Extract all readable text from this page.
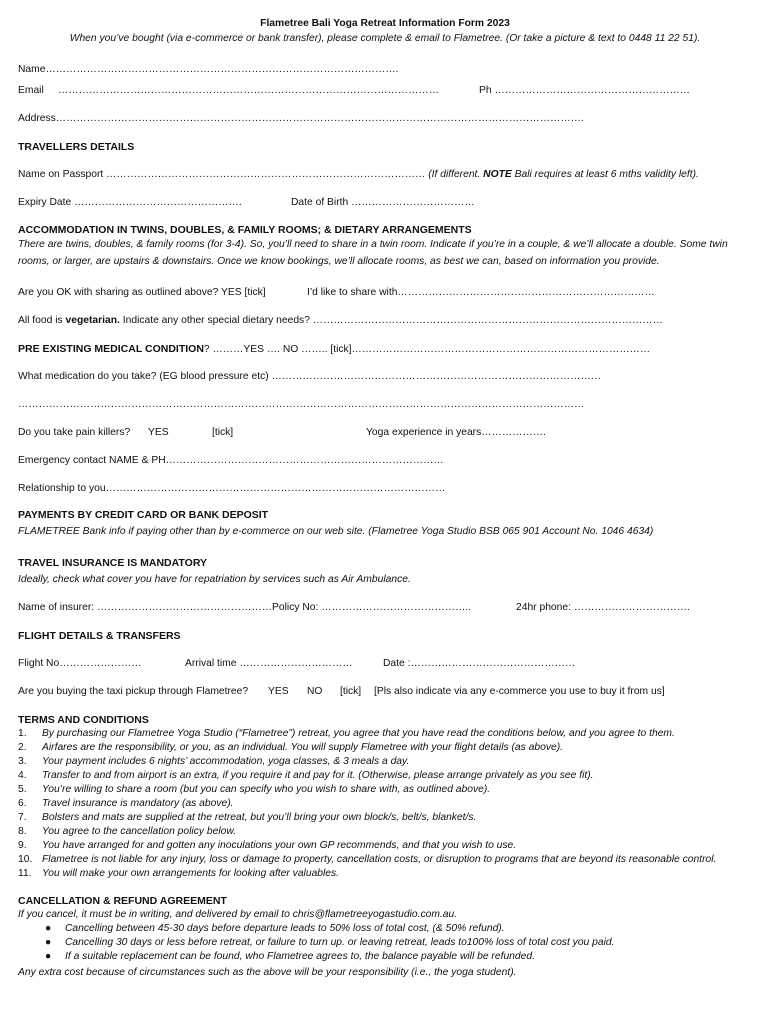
Flametree Bali Yoga Retreat Information Form 2023
When you’ve bought (via e-commerce or bank transfer), please complete & email to Flametree. (Or take a picture & text to 0448 11 22 51).
Name………………………………………………………………………………………….
Email …………………………………………………………………………………………………	Ph …………………………………………………
Address……………………………………………………………………………………………………………………………………….
TRAVELLERS DETAILS
Name on Passport ………………………………………………………………………………… (If different. NOTE Bali requires at least 6 mths validity left).
Expiry Date ………………………………………….	Date of Birth ………………………………
ACCOMMODATION IN TWINS, DOUBLES, & FAMILY ROOMS; & DIETARY ARRANGEMENTS
There are twins, doubles, & family rooms (for 3-4). So, you’ll need to share in a twin room. Indicate if you’re in a couple, & we’ll allocate a double. Some twin rooms, or larger, are upstairs & downstairs. Once we know bookings, we’ll allocate rooms, as best we can, based on information you provide.
Are you OK with sharing as outlined above? YES [tick]	I’d like to share with…………………………………………………………………
All food is vegetarian. Indicate any other special dietary needs? …………………………………………………………………………………………
PRE EXISTING MEDICAL CONDITION? ………YES …. NO …….. [tick]……………………………………………………………………………
What medication do you take? (EG blood pressure etc) ……………………………………………………………………………………
…………………………………………………………………………………………………………………………………………………
Do you take pain killers? YES	[tick]	Yoga experience in years……………….
Emergency contact NAME & PH………………………………………………………………………
Relationship to you………………………………………………………………………………………
PAYMENTS BY CREDIT CARD OR BANK DEPOSIT
FLAMETREE Bank info if paying other than by e-commerce on our web site. (Flametree Yoga Studio BSB 065 901 Account No. 1046 4634)
TRAVEL INSURANCE IS MANDATORY
Ideally, check what cover you have for repatriation by services such as Air Ambulance.
Name of insurer: ……………………………………………Policy No: ……………………………………..	24hr phone: …………………………….
FLIGHT DETAILS & TRANSFERS
Flight No……………………	Arrival time ……………………………	Date :…………………………………………
Are you buying the taxi pickup through Flametree? YES NO [tick] [Pls also indicate via any e-commerce you use to buy it from us]
TERMS AND CONDITIONS
1. By purchasing our Flametree Yoga Studio (“Flametree”) retreat, you agree that you have read the conditions below, and you agree to them.
2. Airfares are the responsibility, or you, as an individual. You will supply Flametree with your flight details (as above).
3. Your payment includes 6 nights’ accommodation, yoga classes, & 3 meals a day.
4. Transfer to and from airport is an extra, if you require it and pay for it. (Otherwise, please arrange privately as you see fit).
5. You’re willing to share a room (but you can specify who you wish to share with, as outlined above).
6. Travel insurance is mandatory (as above).
7. Bolsters and mats are supplied at the retreat, but you’ll bring your own block/s, belt/s, blanket/s.
8. You agree to the cancellation policy below.
9. You have arranged for and gotten any inoculations your own GP recommends, and that you wish to use.
10. Flametree is not liable for any injury, loss or damage to property, cancellation costs, or disruption to programs that are beyond its reasonable control.
11. You will make your own arrangements for looking after valuables.
CANCELLATION & REFUND AGREEMENT
If you cancel, it must be in writing, and delivered by email to chris@flametreeyogastudio.com.au.
● Cancelling between 45-30 days before departure leads to 50% loss of total cost, (& 50% refund).
● Cancelling 30 days or less before retreat, or failure to turn up. or leaving retreat, leads to100% loss of total cost you paid.
● If a suitable replacement can be found, who Flametree agrees to, the balance payable will be refunded.
Any extra cost because of circumstances such as the above will be your responsibility (i.e., the yoga student).
